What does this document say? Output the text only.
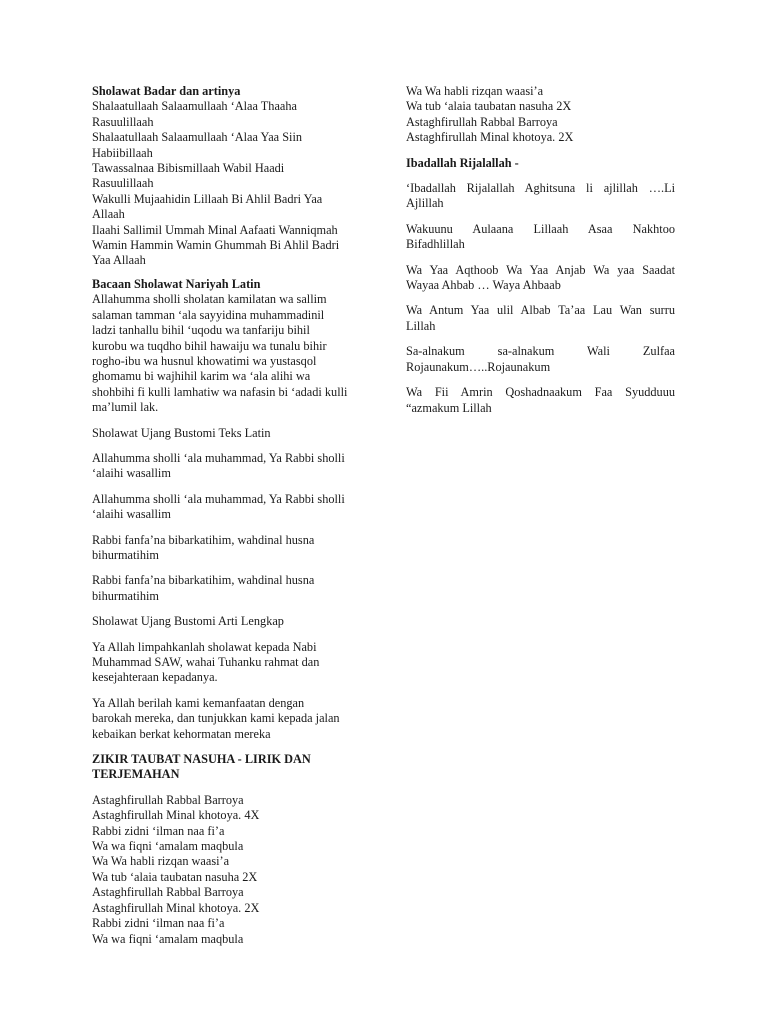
Sholawat Badar dan artinya
Shalaatullaah Salaamullaah ‘Alaa Thaaha
Rasuulillaah
Shalaatullaah Salaamullaah ‘Alaa Yaa Siin
Habiibillaah
Tawassalnaa Bibismillaah Wabil Haadi
Rasuulillaah
Wakulli Mujaahidin Lillaah Bi Ahlil Badri Yaa
Allaah
Ilaahi Sallimil Ummah Minal Aafaati Wanniqmah
Wamin Hammin Wamin Ghummah Bi Ahlil Badri
Yaa Allaah
Bacaan Sholawat Nariyah Latin
Allahumma sholli sholatan kamilatan wa sallim
salaman tamman ‘ala sayyidina muhammadinil
ladzi tanhallu bihil ‘uqodu wa tanfariju bihil
kurobu wa tuqdho bihil hawaiju wa tunalu bihir
rogho-ibu wa husnul khowatimi wa yustasqol
ghomamu bi wajhihil karim wa ‘ala alihi wa
shohbihi fi kulli lamhatiw wa nafasin bi ‘adadi kulli
ma’lumil lak.
Sholawat Ujang Bustomi Teks Latin
Allahumma sholli ‘ala muhammad, Ya Rabbi sholli
‘alaihi wasallim
Allahumma sholli ‘ala muhammad, Ya Rabbi sholli
‘alaihi wasallim
Rabbi fanfa’na bibarkatihim, wahdinal husna
bihurmatihim
Rabbi fanfa’na bibarkatihim, wahdinal husna
bihurmatihim
Sholawat Ujang Bustomi Arti Lengkap
Ya Allah limpahkanlah sholawat kepada Nabi
Muhammad SAW, wahai Tuhanku rahmat dan
kesejahteraan kepadanya.
Ya Allah berilah kami kemanfaatan dengan
barokah mereka, dan tunjukkan kami kepada jalan
kebaikan berkat kehormatan mereka
ZIKIR TAUBAT NASUHA - LIRIK DAN
TERJEMAHAN
Astaghfirullah Rabbal Barroya
Astaghfirullah Minal khotoya. 4X
Rabbi zidni ‘ilman naa fi’a
Wa wa fiqni ‘amalam maqbula
Wa Wa habli rizqan waasi’a
Wa tub ‘alaia taubatan nasuha 2X
Astaghfirullah Rabbal Barroya
Astaghfirullah Minal khotoya. 2X
Rabbi zidni ‘ilman naa fi’a
Wa wa fiqni ‘amalam maqbula
Wa Wa habli rizqan waasi’a
Wa tub ‘alaia taubatan nasuha 2X
Astaghfirullah Rabbal Barroya
Astaghfirullah Minal khotoya. 2X
Ibadallah Rijalallah -
‘Ibadallah Rijalallah Aghitsuna li ajlillah ….Li
Ajlillah
Wakuunu Aulaana Lillaah Asaa Nakhtoo
Bifadhlillah
Wa Yaa Aqthoob Wa Yaa Anjab Wa yaa Saadat
Wayaa Ahbab … Waya Ahbaab
Wa Antum Yaa ulil Albab Ta’aa Lau Wan surru
Lillah
Sa-alnakum sa-alnakum Wali Zulfaa
Rojaunakum…..Rojaunakum
Wa Fii Amrin Qoshadnaakum Faa Syudduuu
“azmakum Lillah
